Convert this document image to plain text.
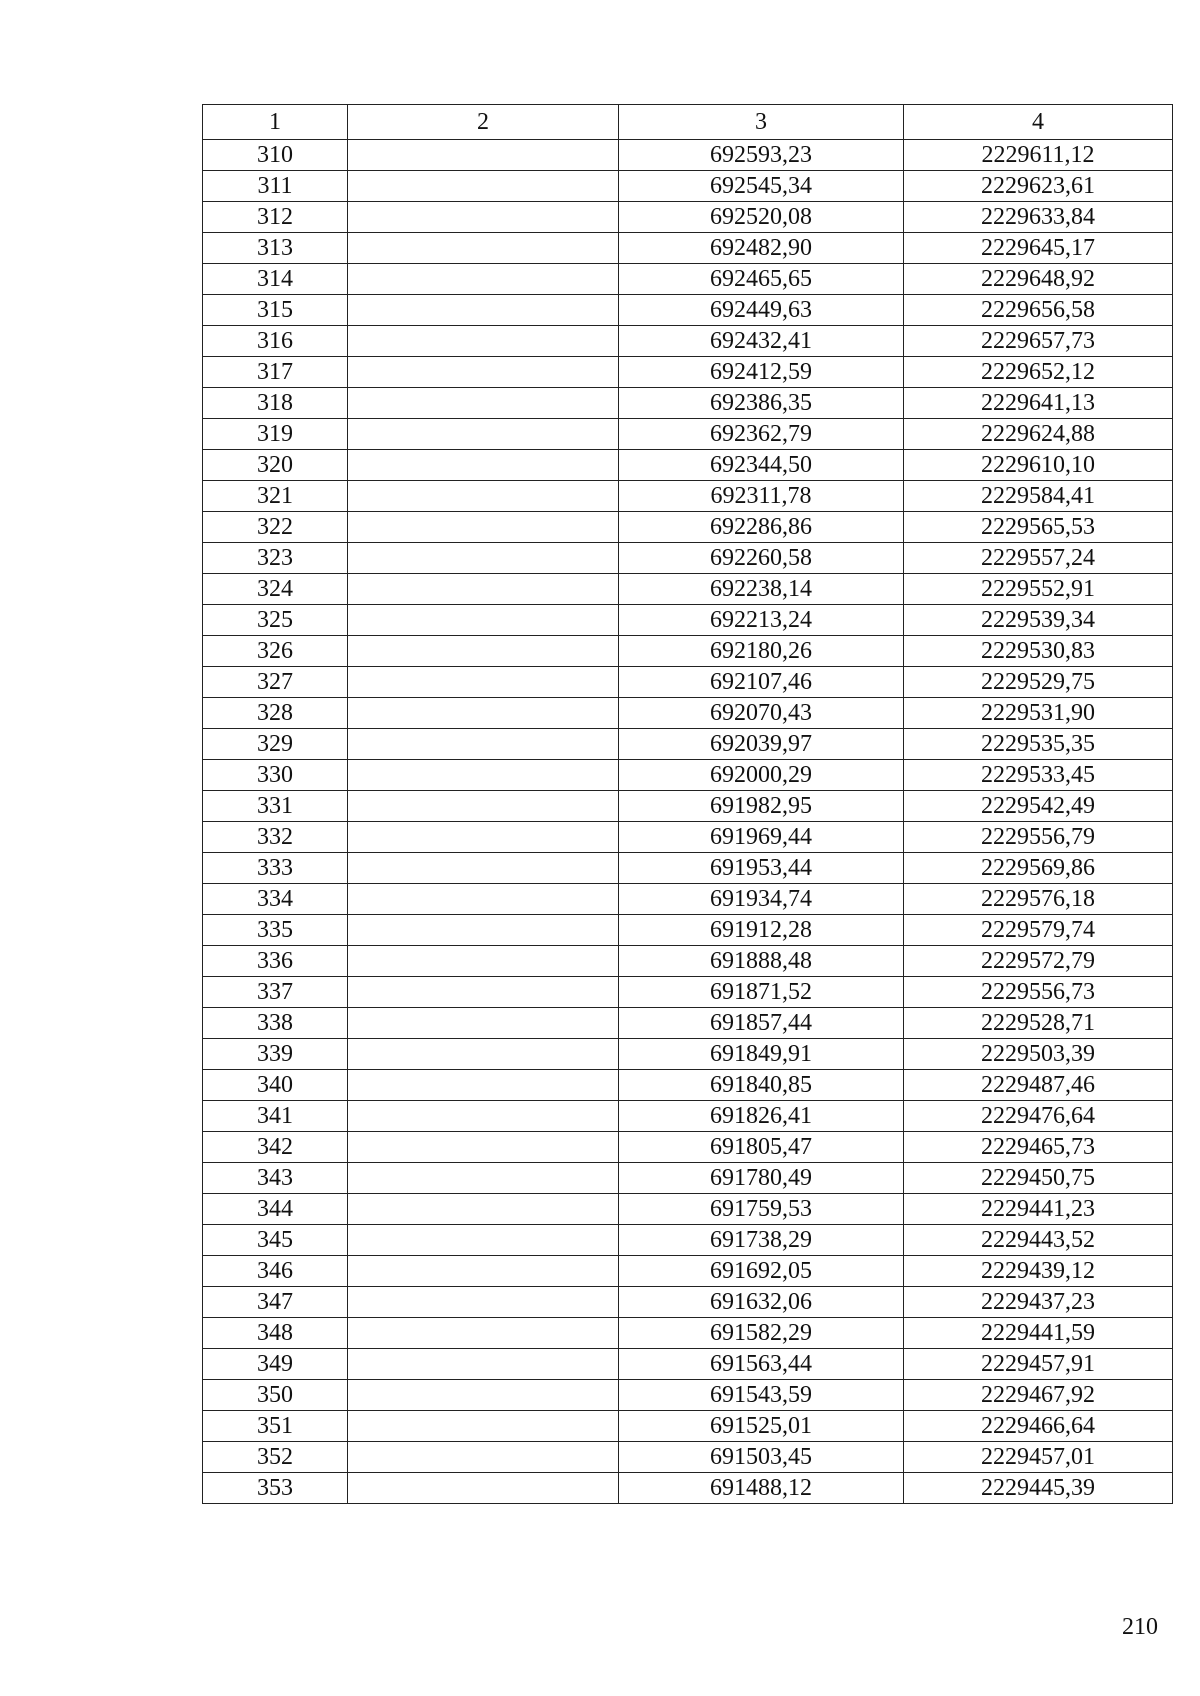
1	2	3	4
310		692593,23	2229611,12
311		692545,34	2229623,61
312		692520,08	2229633,84
313		692482,90	2229645,17
314		692465,65	2229648,92
315		692449,63	2229656,58
316		692432,41	2229657,73
317		692412,59	2229652,12
318		692386,35	2229641,13
319		692362,79	2229624,88
320		692344,50	2229610,10
321		692311,78	2229584,41
322		692286,86	2229565,53
323		692260,58	2229557,24
324		692238,14	2229552,91
325		692213,24	2229539,34
326		692180,26	2229530,83
327		692107,46	2229529,75
328		692070,43	2229531,90
329		692039,97	2229535,35
330		692000,29	2229533,45
331		691982,95	2229542,49
332		691969,44	2229556,79
333		691953,44	2229569,86
334		691934,74	2229576,18
335		691912,28	2229579,74
336		691888,48	2229572,79
337		691871,52	2229556,73
338		691857,44	2229528,71
339		691849,91	2229503,39
340		691840,85	2229487,46
341		691826,41	2229476,64
342		691805,47	2229465,73
343		691780,49	2229450,75
344		691759,53	2229441,23
345		691738,29	2229443,52
346		691692,05	2229439,12
347		691632,06	2229437,23
348		691582,29	2229441,59
349		691563,44	2229457,91
350		691543,59	2229467,92
351		691525,01	2229466,64
352		691503,45	2229457,01
353		691488,12	2229445,39
210
